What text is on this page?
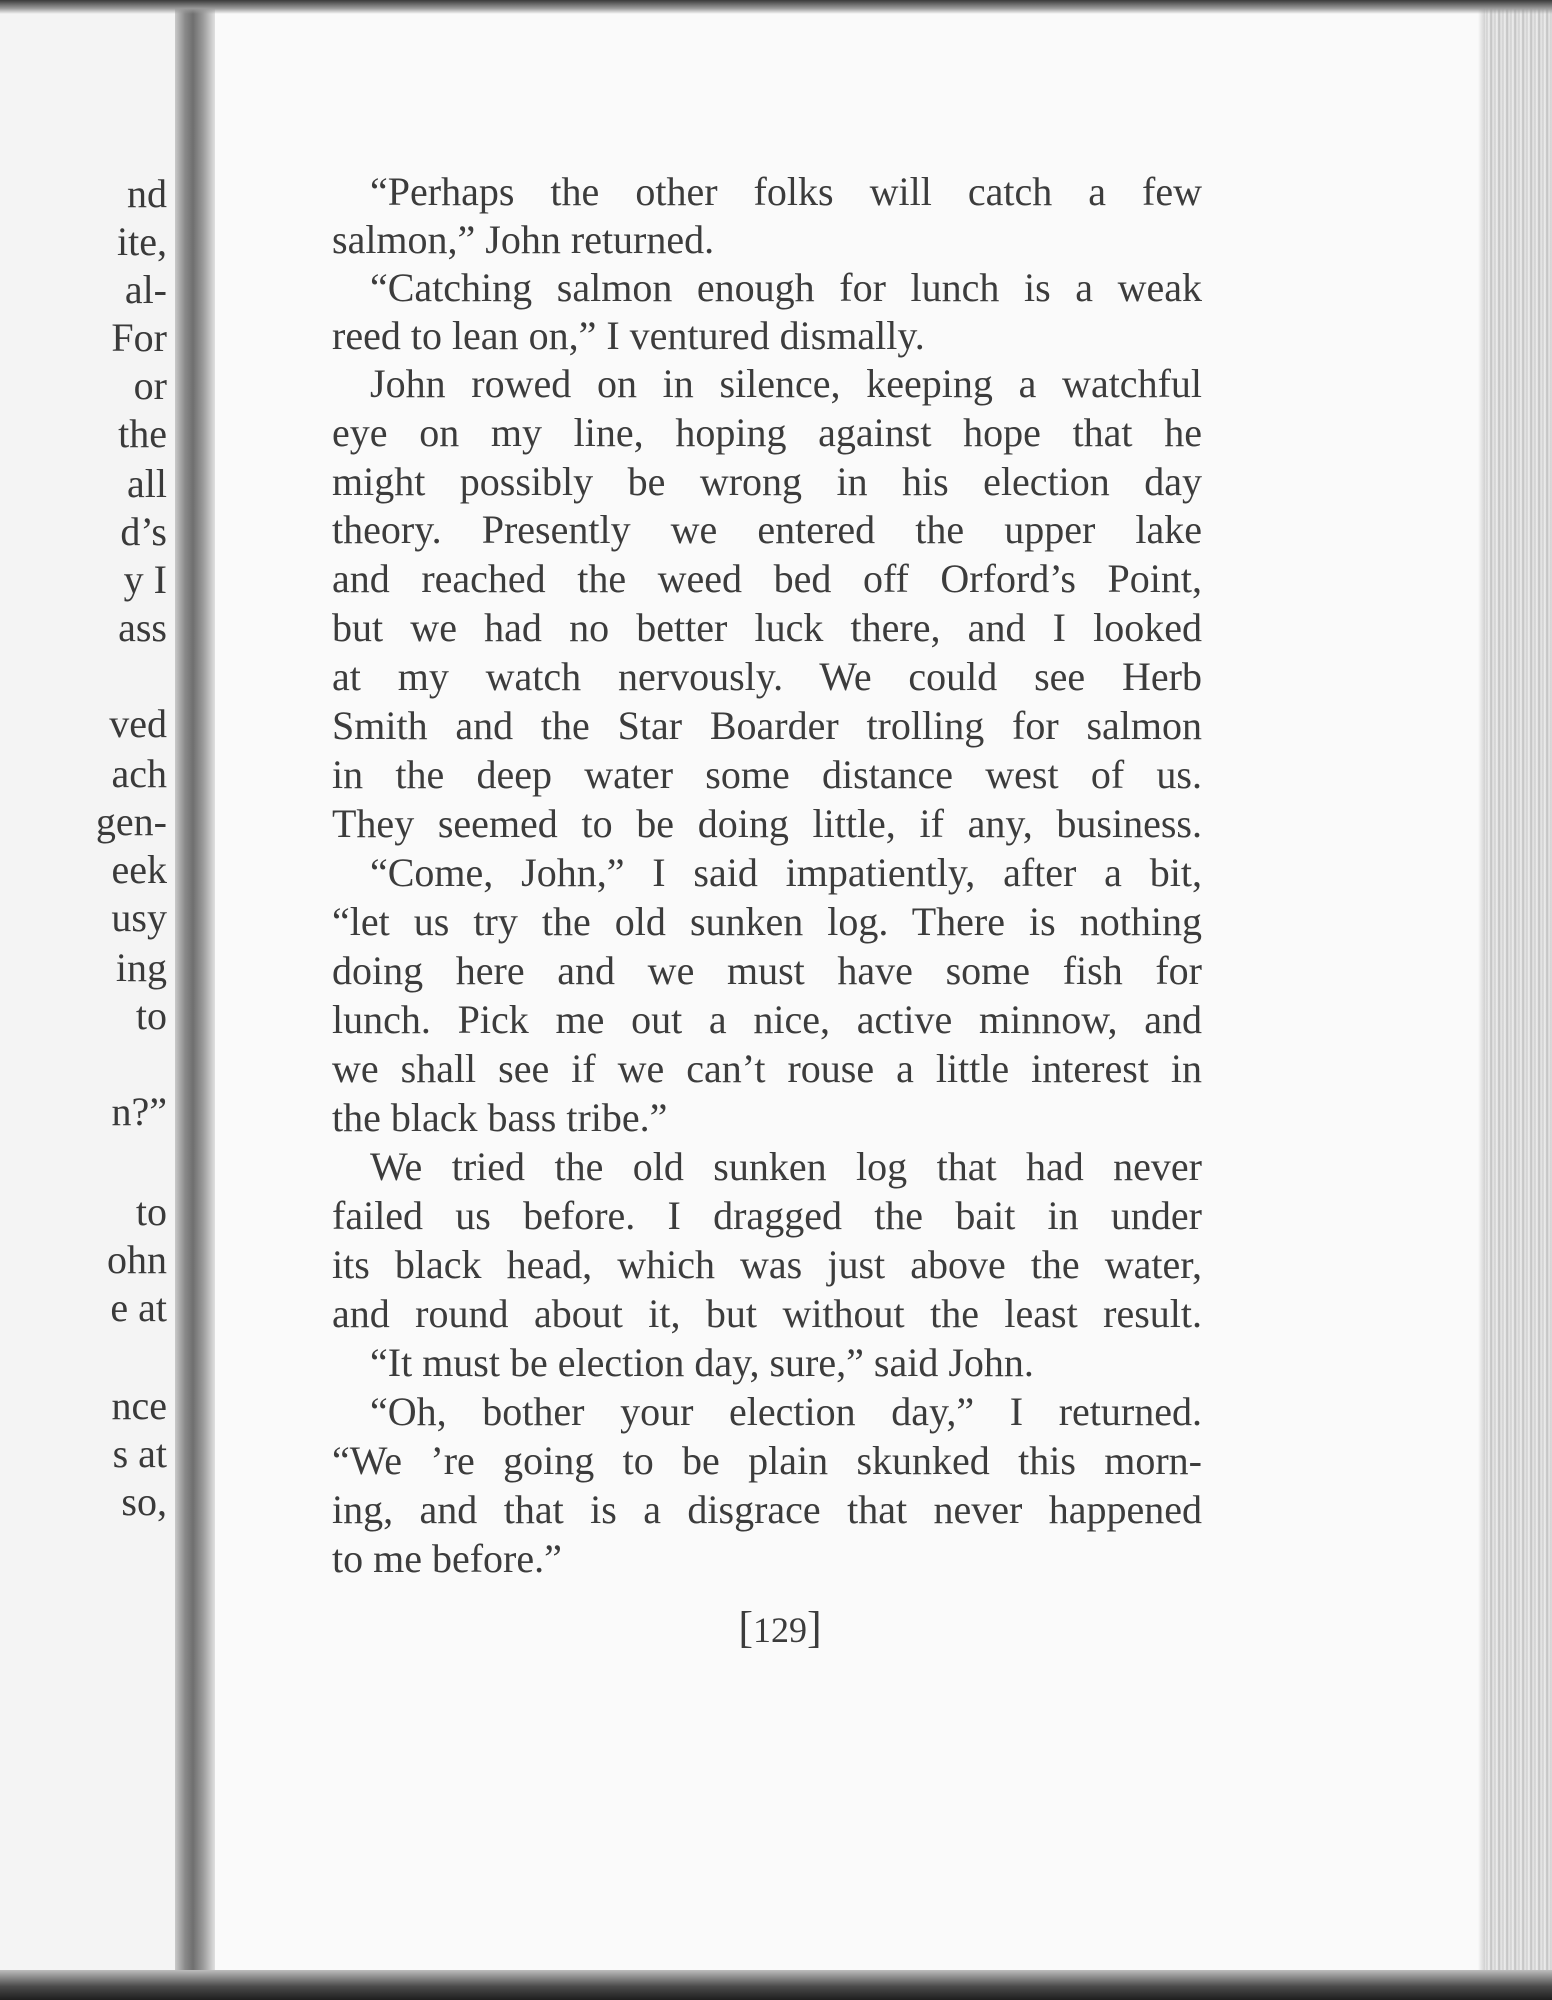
nd
ite,
al-
For
or
the
all
d’s
y I
ass
ved
ach
gen-
eek
usy
ing
to
n?”
to
ohn
e at
nce
s at
so,
“Perhaps the other folks will catch a few
salmon,” John returned.
“Catching salmon enough for lunch is a weak
reed to lean on,” I ventured dismally.
John rowed on in silence, keeping a watchful
eye on my line, hoping against hope that he
might possibly be wrong in his election day
theory. Presently we entered the upper lake
and reached the weed bed off Orford’s Point,
but we had no better luck there, and I looked
at my watch nervously. We could see Herb
Smith and the Star Boarder trolling for salmon
in the deep water some distance west of us.
They seemed to be doing little, if any, business.
“Come, John,” I said impatiently, after a bit,
“let us try the old sunken log. There is nothing
doing here and we must have some fish for
lunch. Pick me out a nice, active minnow, and
we shall see if we can’t rouse a little interest in
the black bass tribe.”
We tried the old sunken log that had never
failed us before. I dragged the bait in under
its black head, which was just above the water,
and round about it, but without the least result.
“It must be election day, sure,” said John.
“Oh, bother your election day,” I returned.
“We ’re going to be plain skunked this morn-
ing, and that is a disgrace that never happened
to me before.”
[129]
